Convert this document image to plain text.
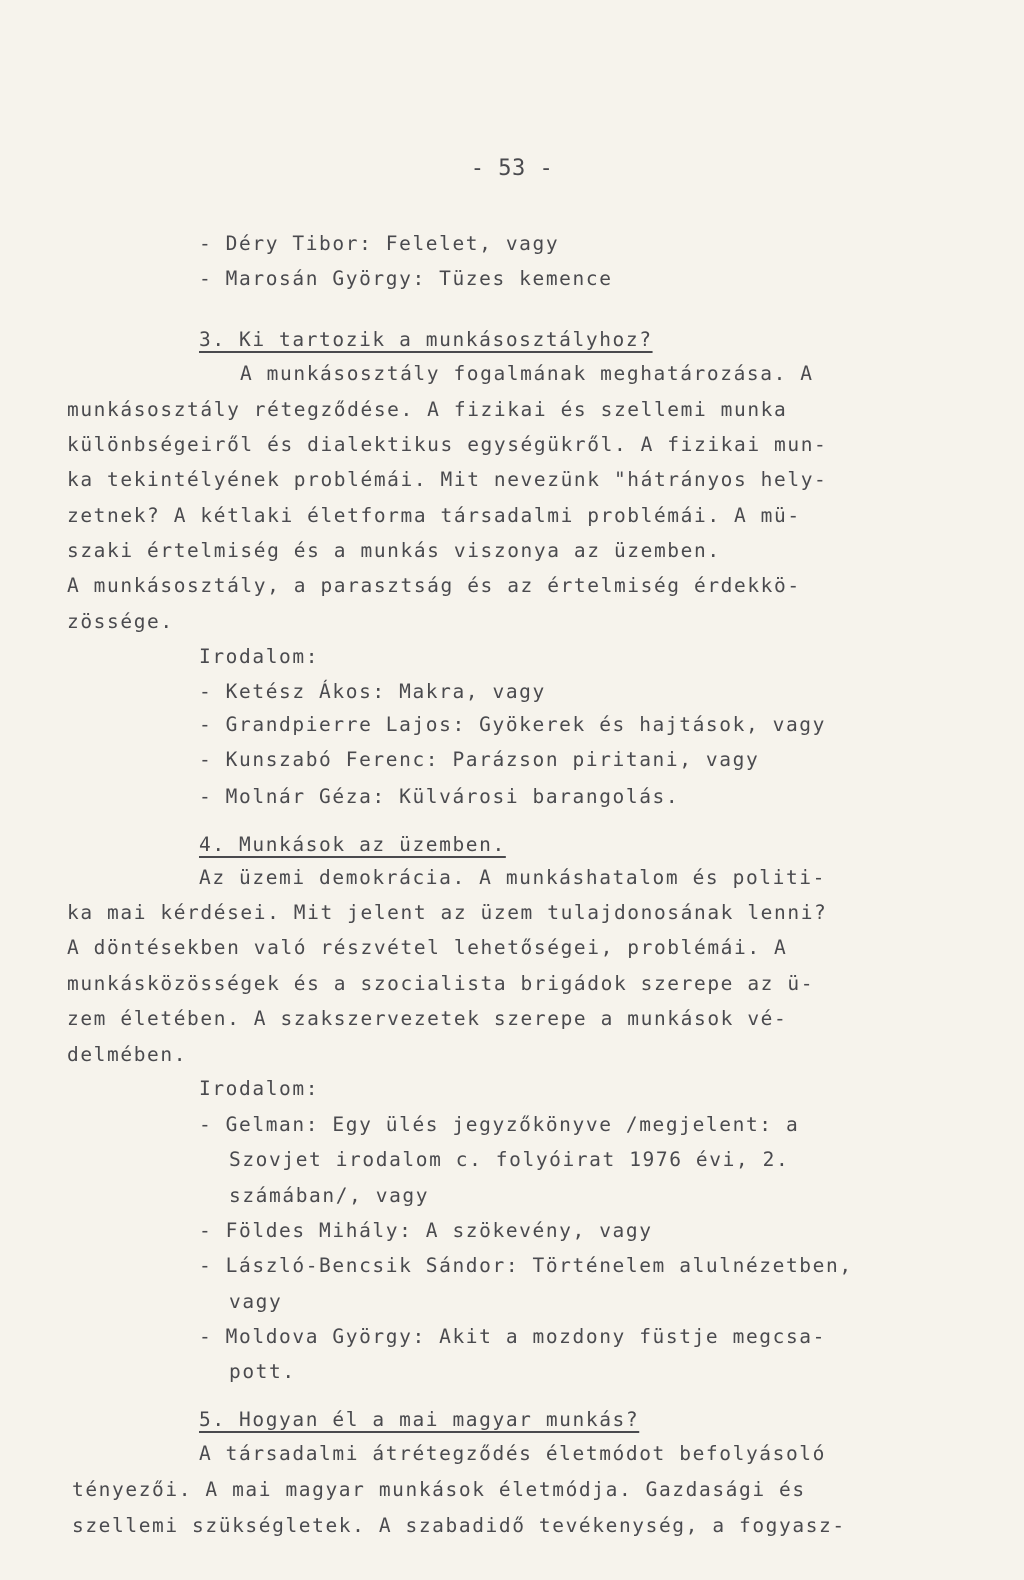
- 53 -
- Déry Tibor: Felelet, vagy
- Marosán György: Tüzes kemence
3. Ki tartozik a munkásosztályhoz?
A munkásosztály fogalmának meghatározása. A
munkásosztály rétegződése. A fizikai és szellemi munka
különbségeiről és dialektikus egységükről. A fizikai mun-
ka tekintélyének problémái. Mit nevezünk "hátrányos hely-
zetnek? A kétlaki életforma társadalmi problémái. A mü-
szaki értelmiség és a munkás viszonya az üzemben.
A munkásosztály, a parasztság és az értelmiség érdekkö-
zössége.
Irodalom:
- Ketész Ákos: Makra, vagy
- Grandpierre Lajos: Gyökerek és hajtások, vagy
- Kunszabó Ferenc: Parázson piritani, vagy
- Molnár Géza: Külvárosi barangolás.
4. Munkások az üzemben.
Az üzemi demokrácia. A munkáshatalom és politi-
ka mai kérdései. Mit jelent az üzem tulajdonosának lenni?
A döntésekben való részvétel lehetőségei, problémái. A
munkásközösségek és a szocialista brigádok szerepe az ü-
zem életében. A szakszervezetek szerepe a munkások vé-
delmében.
Irodalom:
- Gelman: Egy ülés jegyzőkönyve /megjelent: a
Szovjet irodalom c. folyóirat 1976 évi, 2.
számában/, vagy
- Földes Mihály: A szökevény, vagy
- László-Bencsik Sándor: Történelem alulnézetben,
vagy
- Moldova György: Akit a mozdony füstje megcsa-
pott.
5. Hogyan él a mai magyar munkás?
A társadalmi átrétegződés életmódot befolyásoló
tényezői. A mai magyar munkások életmódja. Gazdasági és
szellemi szükségletek. A szabadidő tevékenység, a fogyasz-
